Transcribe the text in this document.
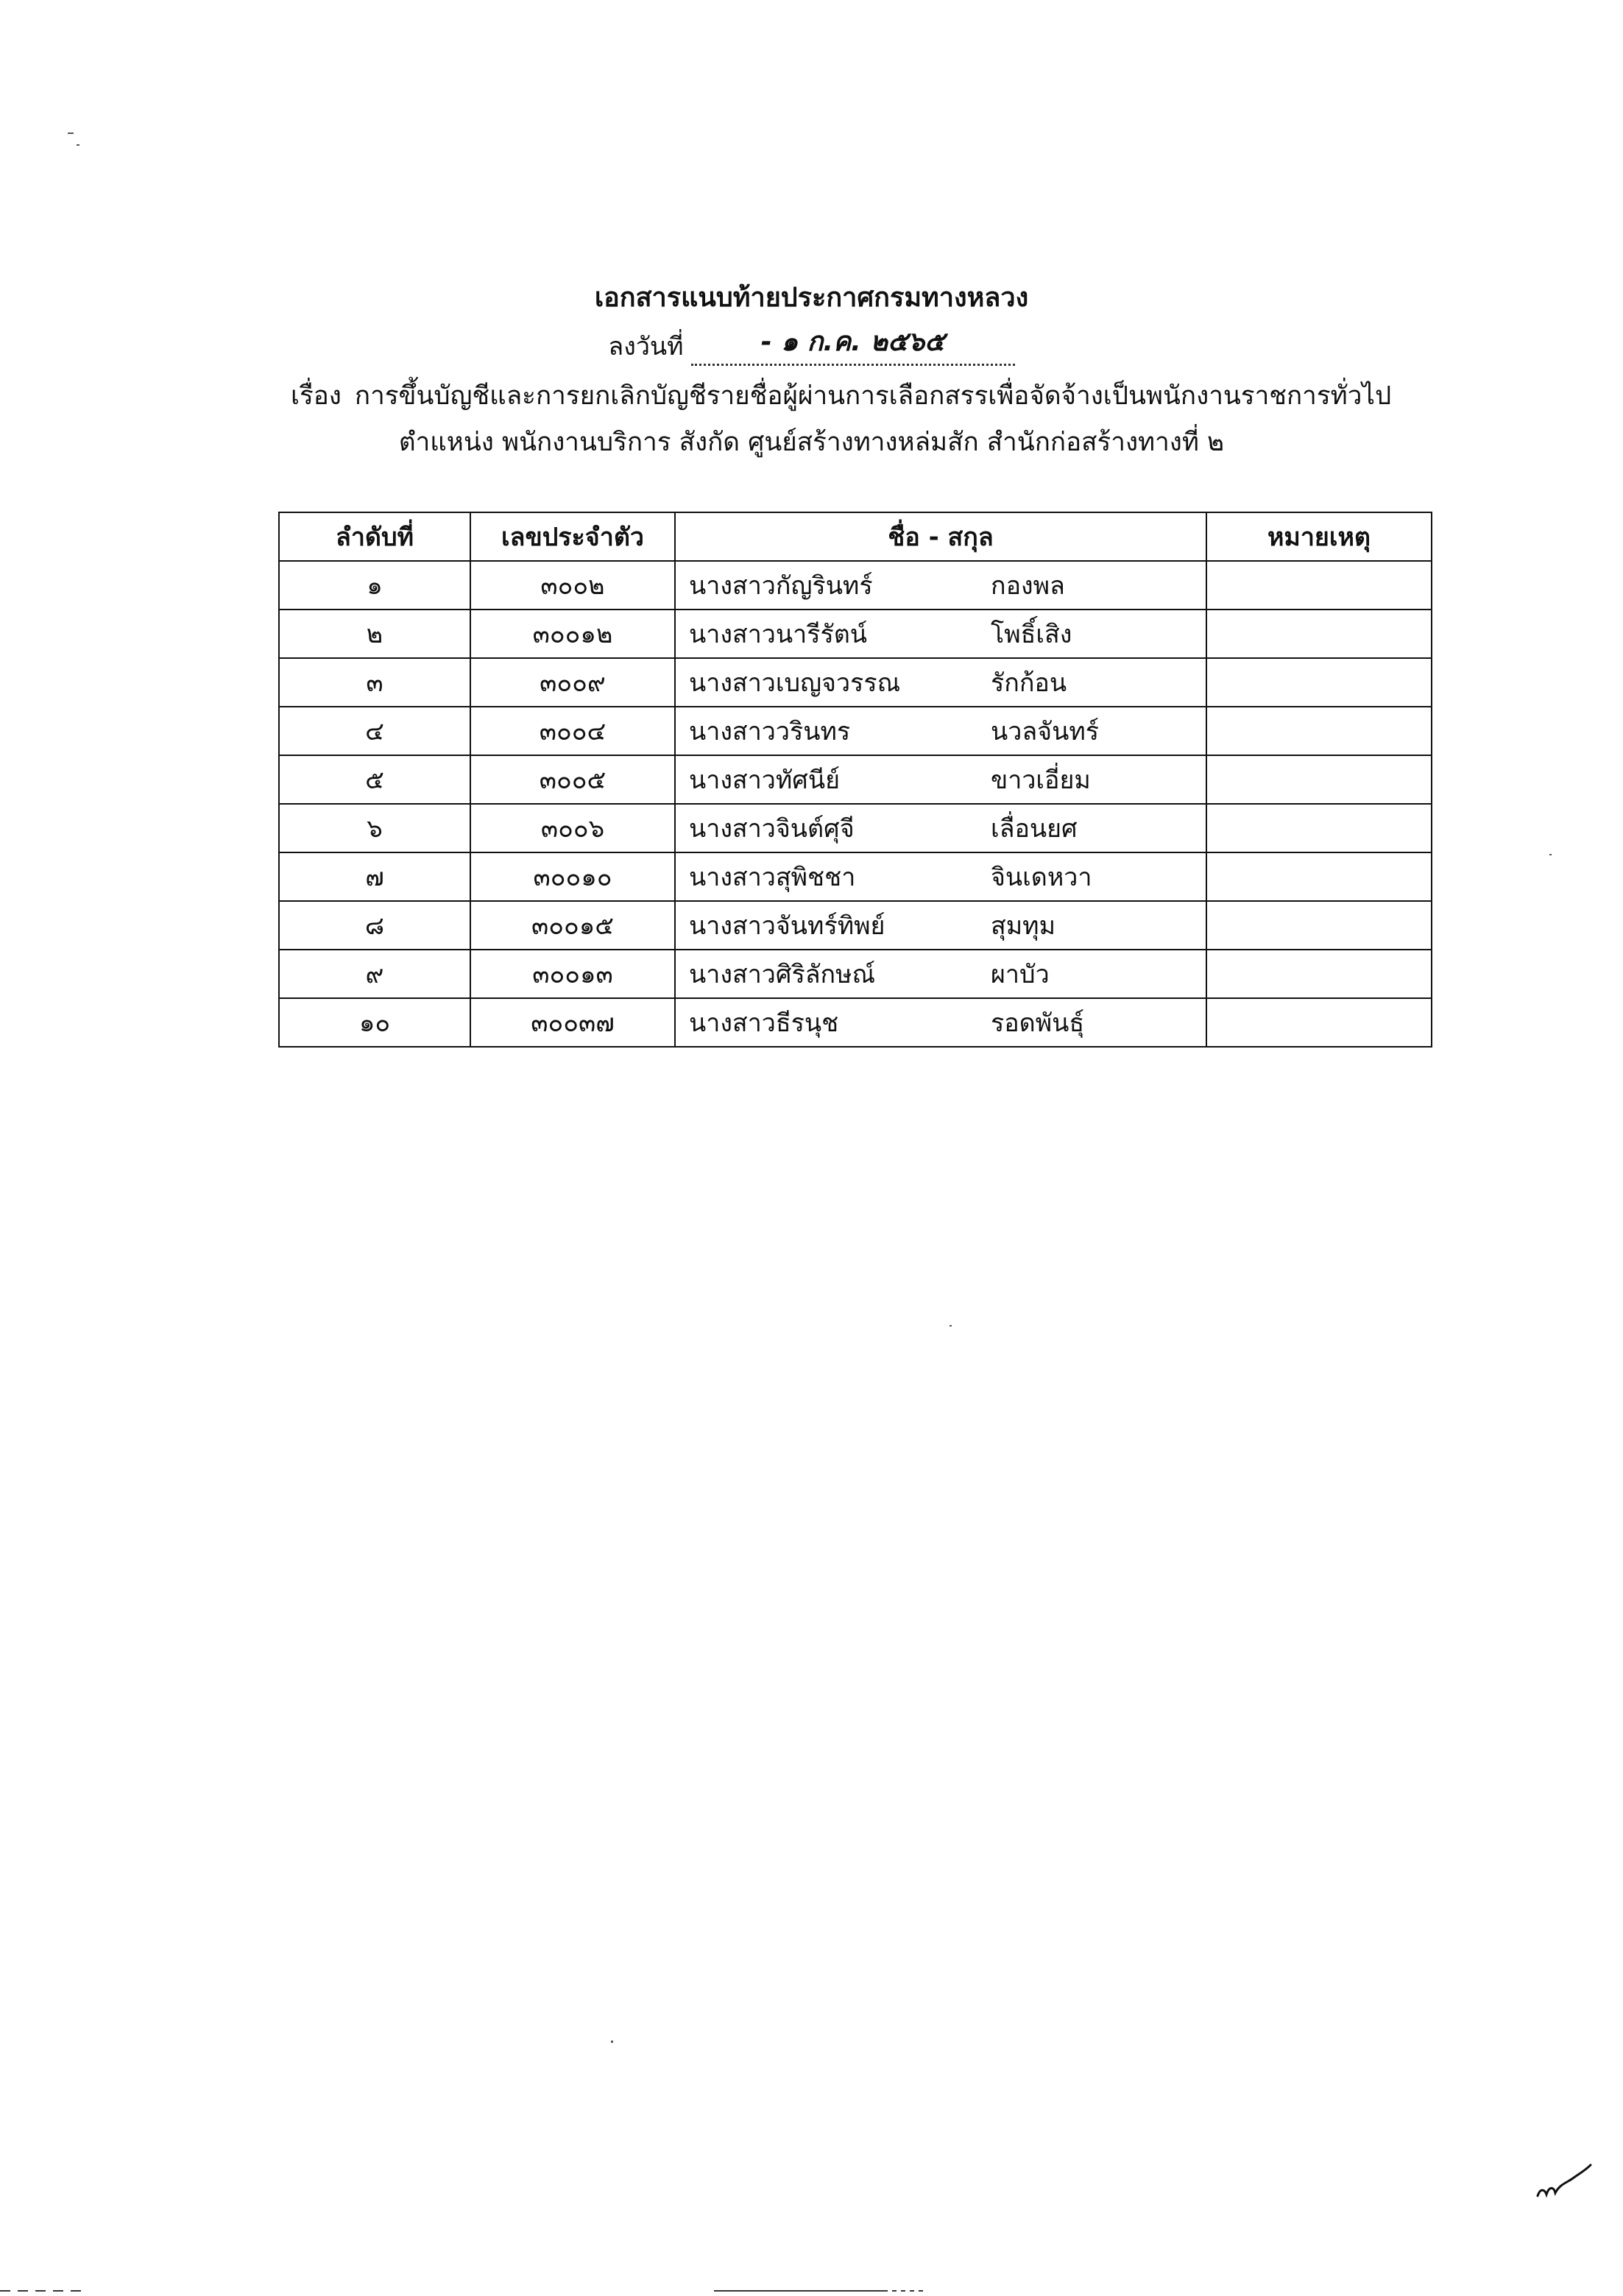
เอกสารแนบท้ายประกาศกรมทางหลวง
ลงวันที่	- ๑ ก.ค. ๒๕๖๕
เรื่อง การขึ้นบัญชีและการยกเลิกบัญชีรายชื่อผู้ผ่านการเลือกสรรเพื่อจัดจ้างเป็นพนักงานราชการทั่วไป
ตำแหน่ง พนักงานบริการ สังกัด ศูนย์สร้างทางหล่มสัก สำนักก่อสร้างทางที่ ๒
ลำดับที่	เลขประจำตัว	ชื่อ - สกุล	หมายเหตุ
๑	๓๐๐๒	นางสาวกัญรินทร์ กองพล	
๒	๓๐๐๑๒	นางสาวนารีรัตน์ โพธิ์เสิง	
๓	๓๐๐๙	นางสาวเบญจวรรณ รักก้อน	
๔	๓๐๐๔	นางสาววรินทร นวลจันทร์	
๕	๓๐๐๕	นางสาวทัศนีย์ ขาวเอี่ยม	
๖	๓๐๐๖	นางสาวจินต์ศุจี เลื่อนยศ	
๗	๓๐๐๑๐	นางสาวสุพิชชา จินเดหวา	
๘	๓๐๐๑๕	นางสาวจันทร์ทิพย์ สุมทุม	
๙	๓๐๐๑๓	นางสาวศิริลักษณ์ ผาบัว	
๑๐	๓๐๐๓๗	นางสาวธีรนุช รอดพันธุ์	
